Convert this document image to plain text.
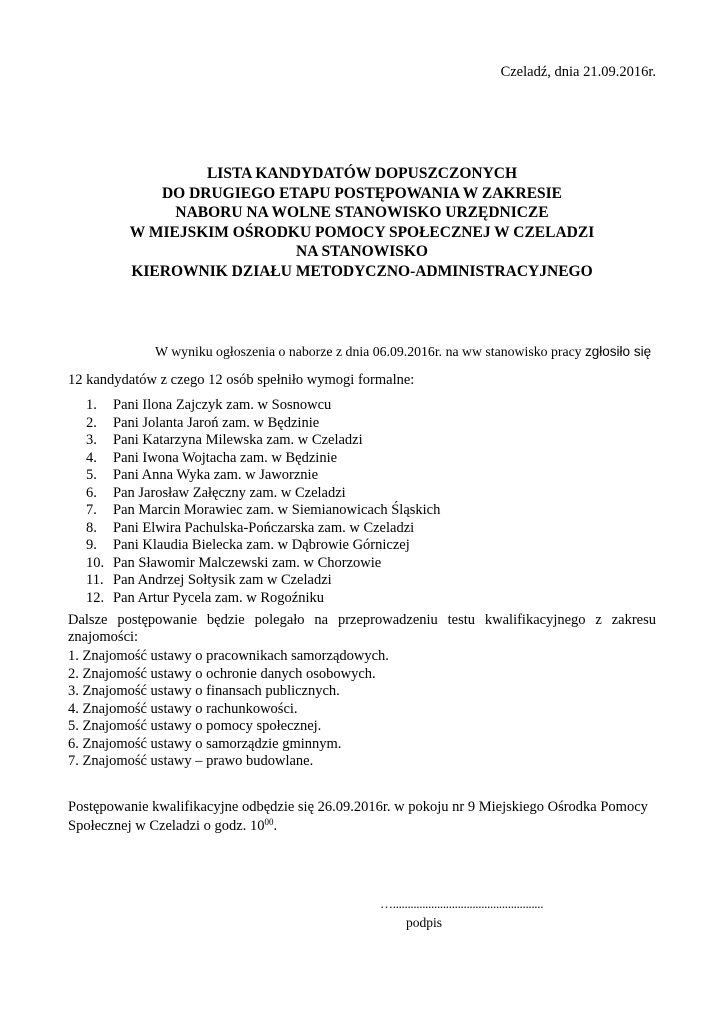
Czeladź, dnia 21.09.2016r.
LISTA KANDYDATÓW DOPUSZCZONYCH
DO DRUGIEGO ETAPU POSTĘPOWANIA W ZAKRESIE
NABORU NA WOLNE STANOWISKO URZĘDNICZE
W MIEJSKIM OŚRODKU POMOCY SPOŁECZNEJ W CZELADZI
NA STANOWISKO
KIEROWNIK DZIAŁU METODYCZNO-ADMINISTRACYJNEGO
W wyniku ogłoszenia o naborze z dnia 06.09.2016r. na ww stanowisko pracy zgłosiło się
12 kandydatów z czego 12 osób spełniło wymogi formalne:
1. Pani Ilona Zajczyk zam. w Sosnowcu
2. Pani Jolanta Jaroń zam. w Będzinie
3. Pani Katarzyna Milewska zam. w Czeladzi
4. Pani Iwona Wojtacha zam. w Będzinie
5. Pani Anna Wyka zam. w Jaworznie
6. Pan Jarosław Załęczny zam. w Czeladzi
7. Pan Marcin Morawiec zam. w Siemianowicach Śląskich
8. Pani Elwira Pachulska-Pończarska zam. w Czeladzi
9. Pani Klaudia Bielecka zam. w Dąbrowie Górniczej
10. Pan Sławomir Malczewski zam. w Chorzowie
11. Pan Andrzej Sołtysik zam w Czeladzi
12. Pan Artur Pycela zam. w Rogoźniku
Dalsze postępowanie będzie polegało na przeprowadzeniu testu kwalifikacyjnego z zakresu znajomości:
1. Znajomość ustawy o pracownikach samorządowych.
2. Znajomość ustawy o ochronie danych osobowych.
3. Znajomość ustawy o finansach publicznych.
4. Znajomość ustawy o rachunkowości.
5. Znajomość ustawy o pomocy społecznej.
6. Znajomość ustawy o samorządzie gminnym.
7. Znajomość ustawy – prawo budowlane.
Postępowanie kwalifikacyjne odbędzie się 26.09.2016r. w pokoju nr 9 Miejskiego Ośrodka Pomocy Społecznej w Czeladzi o godz. $10^{00}$.
…...................................................
podpis
